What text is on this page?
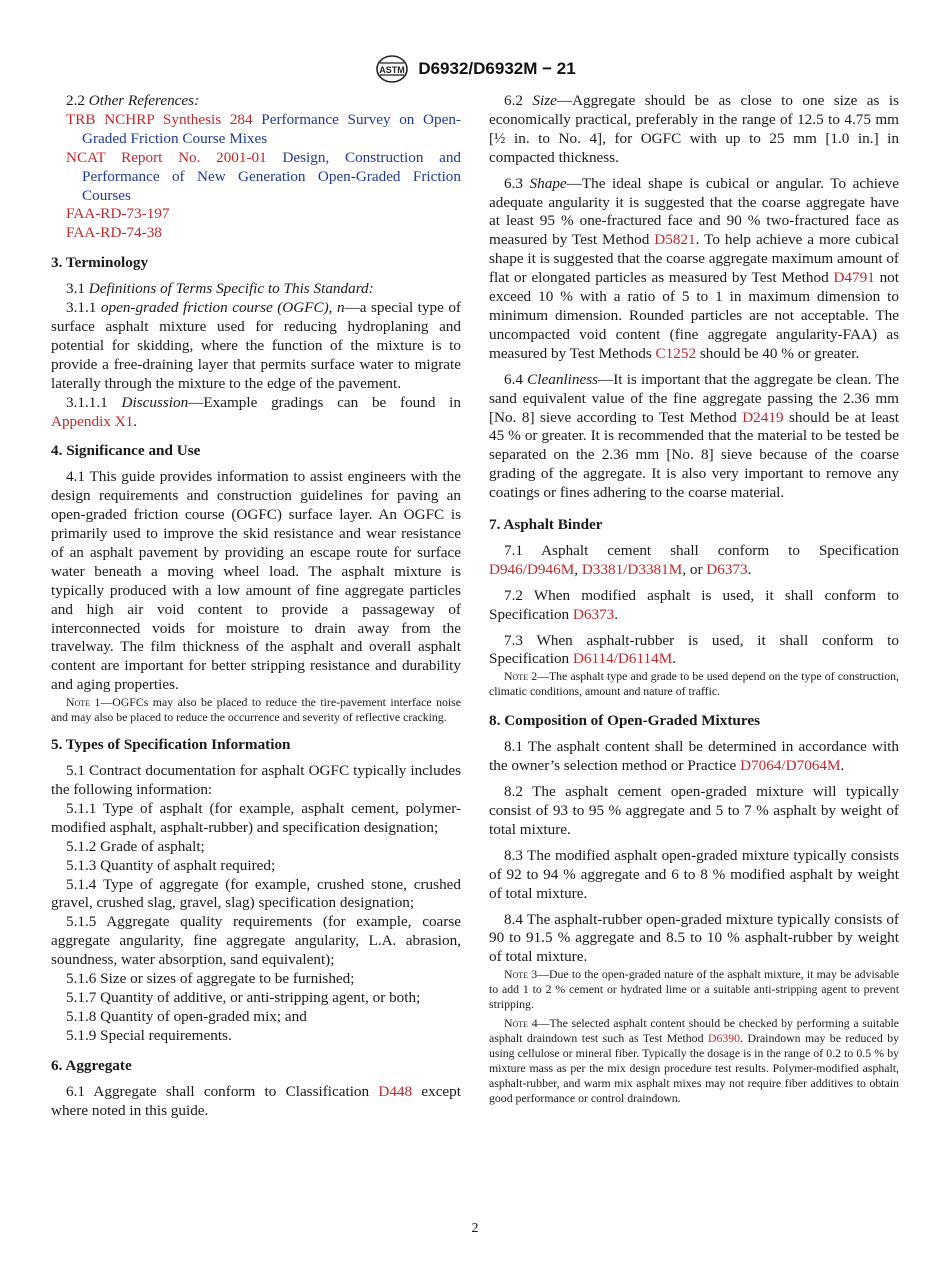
ASTM D6932/D6932M − 21

2.2 Other References:

TRB NCHRP Synthesis 284 Performance Survey on Open-Graded Friction Course Mixes

NCAT Report No. 2001-01 Design, Construction and Performance of New Generation Open-Graded Friction Courses

FAA-RD-73-197

FAA-RD-74-38

3. Terminology

3.1 Definitions of Terms Specific to This Standard:

3.1.1 open-graded friction course (OGFC), n—a special type of surface asphalt mixture used for reducing hydroplaning and potential for skidding, where the function of the mixture is to provide a free-draining layer that permits surface water to migrate laterally through the mixture to the edge of the pavement.

3.1.1.1 Discussion—Example gradings can be found in Appendix X1.

4. Significance and Use

4.1 This guide provides information to assist engineers with the design requirements and construction guidelines for paving an open-graded friction course (OGFC) surface layer. An OGFC is primarily used to improve the skid resistance and wear resistance of an asphalt pavement by providing an escape route for surface water beneath a moving wheel load. The asphalt mixture is typically produced with a low amount of fine aggregate particles and high air void content to provide a passageway of interconnected voids for moisture to drain away from the travelway. The film thickness of the asphalt and overall asphalt content are important for better stripping resistance and durability and aging properties.

Note 1—OGFCs may also be placed to reduce the tire-pavement interface noise and may also be placed to reduce the occurrence and severity of reflective cracking.

5. Types of Specification Information

5.1 Contract documentation for asphalt OGFC typically includes the following information:

5.1.1 Type of asphalt (for example, asphalt cement, polymer-modified asphalt, asphalt-rubber) and specification designation;

5.1.2 Grade of asphalt;

5.1.3 Quantity of asphalt required;

5.1.4 Type of aggregate (for example, crushed stone, crushed gravel, crushed slag, gravel, slag) specification designation;

5.1.5 Aggregate quality requirements (for example, coarse aggregate angularity, fine aggregate angularity, L.A. abrasion, soundness, water absorption, sand equivalent);

5.1.6 Size or sizes of aggregate to be furnished;

5.1.7 Quantity of additive, or anti-stripping agent, or both;

5.1.8 Quantity of open-graded mix; and

5.1.9 Special requirements.

6. Aggregate

6.1 Aggregate shall conform to Classification D448 except where noted in this guide.

6.2 Size—Aggregate should be as close to one size as is economically practical, preferably in the range of 12.5 to 4.75 mm [½ in. to No. 4], for OGFC with up to 25 mm [1.0 in.] in compacted thickness.

6.3 Shape—The ideal shape is cubical or angular. To achieve adequate angularity it is suggested that the coarse aggregate have at least 95 % one-fractured face and 90 % two-fractured face as measured by Test Method D5821. To help achieve a more cubical shape it is suggested that the coarse aggregate maximum amount of flat or elongated particles as measured by Test Method D4791 not exceed 10 % with a ratio of 5 to 1 in maximum dimension to minimum dimension. Rounded particles are not acceptable. The uncompacted void content (fine aggregate angularity-FAA) as measured by Test Methods C1252 should be 40 % or greater.

6.4 Cleanliness—It is important that the aggregate be clean. The sand equivalent value of the fine aggregate passing the 2.36 mm [No. 8] sieve according to Test Method D2419 should be at least 45 % or greater. It is recommended that the material to be tested be separated on the 2.36 mm [No. 8] sieve because of the coarse grading of the aggregate. It is also very important to remove any coatings or fines adhering to the coarse material.

7. Asphalt Binder

7.1 Asphalt cement shall conform to Specification D946/D946M, D3381/D3381M, or D6373.

7.2 When modified asphalt is used, it shall conform to Specification D6373.

7.3 When asphalt-rubber is used, it shall conform to Specification D6114/D6114M.

Note 2—The asphalt type and grade to be used depend on the type of construction, climatic conditions, amount and nature of traffic.

8. Composition of Open-Graded Mixtures

8.1 The asphalt content shall be determined in accordance with the owner’s selection method or Practice D7064/D7064M.

8.2 The asphalt cement open-graded mixture will typically consist of 93 to 95 % aggregate and 5 to 7 % asphalt by weight of total mixture.

8.3 The modified asphalt open-graded mixture typically consists of 92 to 94 % aggregate and 6 to 8 % modified asphalt by weight of total mixture.

8.4 The asphalt-rubber open-graded mixture typically consists of 90 to 91.5 % aggregate and 8.5 to 10 % asphalt-rubber by weight of total mixture.

Note 3—Due to the open-graded nature of the asphalt mixture, it may be advisable to add 1 to 2 % cement or hydrated lime or a suitable anti-stripping agent to prevent stripping.

Note 4—The selected asphalt content should be checked by performing a suitable asphalt draindown test such as Test Method D6390. Draindown may be reduced by using cellulose or mineral fiber. Typically the dosage is in the range of 0.2 to 0.5 % by mixture mass as per the mix design procedure test results. Polymer-modified asphalt, asphalt-rubber, and warm mix asphalt mixes may not require fiber additives to obtain good performance or control draindown.

2
